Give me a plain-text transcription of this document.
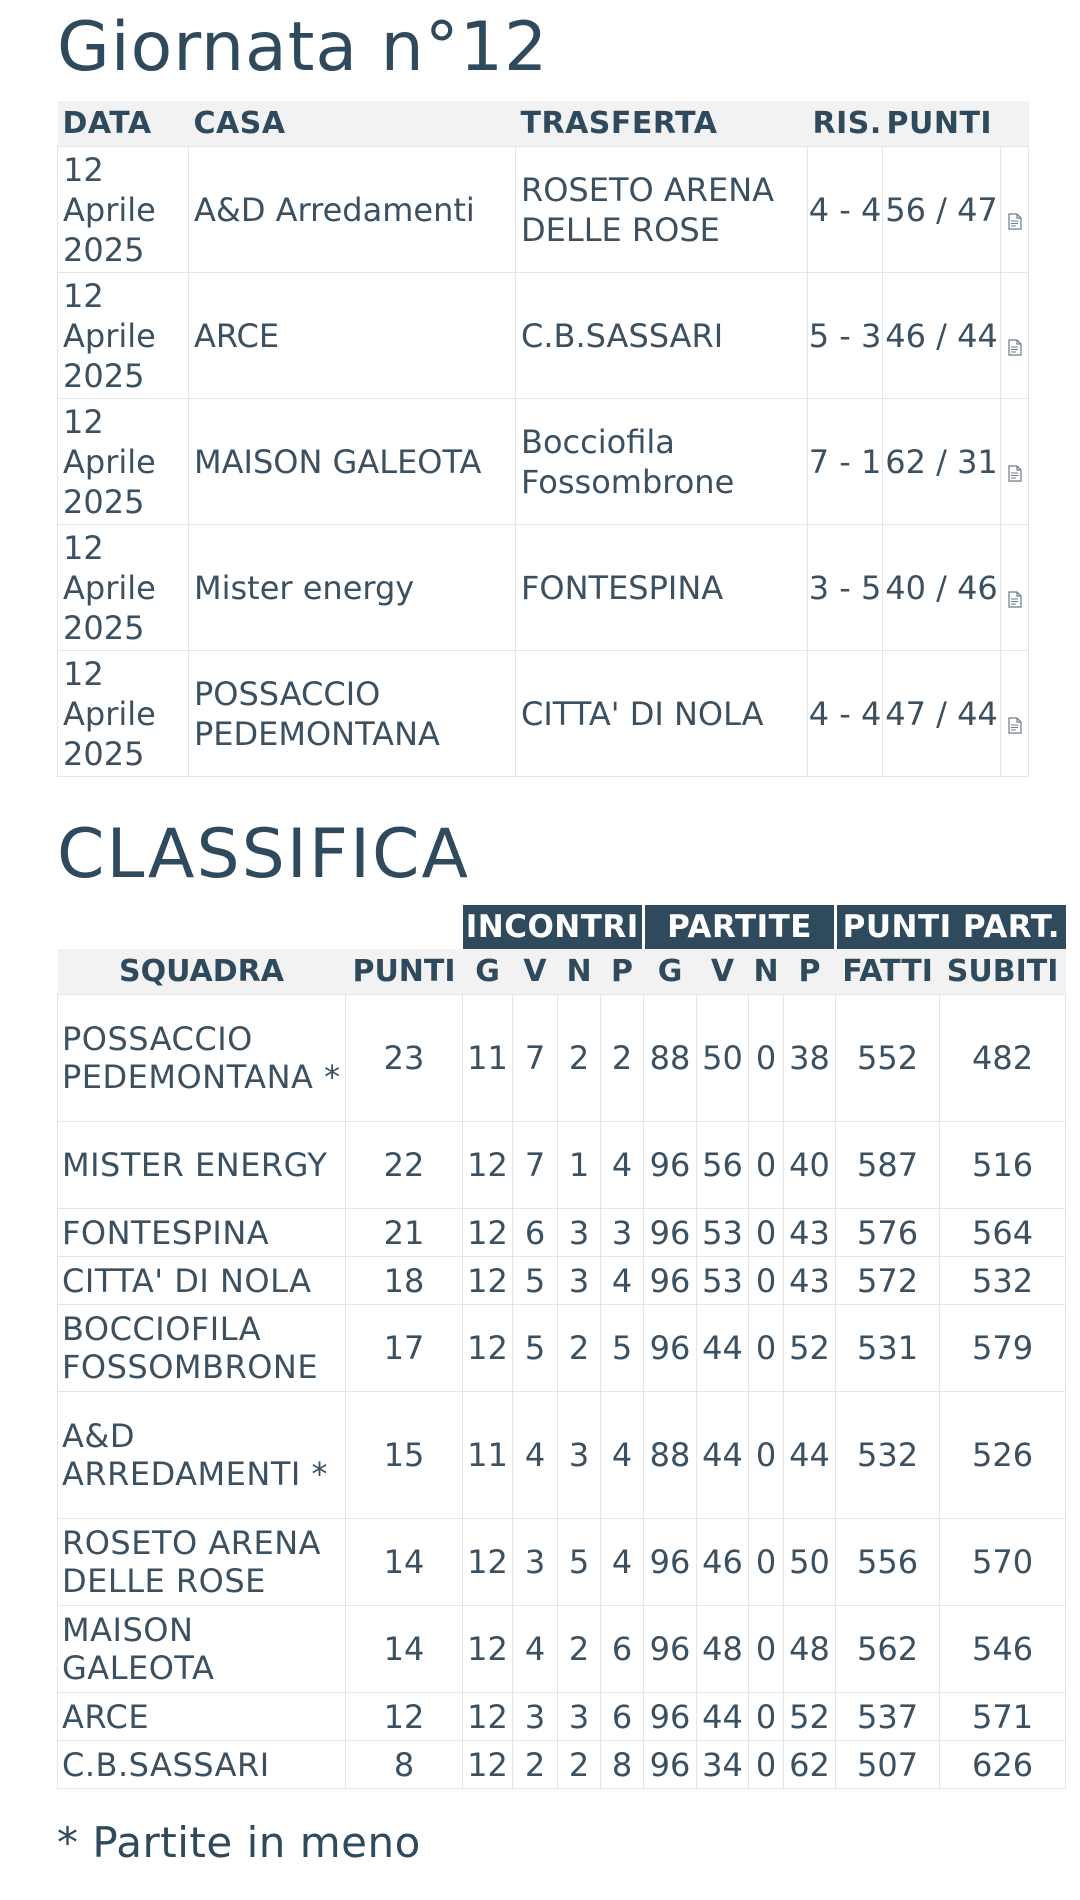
Giornata n°12
DATA	CASA	TRASFERTA	RIS.	PUNTI	
12 Aprile 2025	A&D Arredamenti	ROSETO ARENA DELLE ROSE	4 - 4	56 / 47	
12 Aprile 2025	ARCE	C.B.SASSARI	5 - 3	46 / 44	
12 Aprile 2025	MAISON GALEOTA	Bocciofila Fossombrone	7 - 1	62 / 31	
12 Aprile 2025	Mister energy	FONTESPINA	3 - 5	40 / 46	
12 Aprile 2025	POSSACCIO PEDEMONTANA	CITTA' DI NOLA	4 - 4	47 / 44	
CLASSIFICA
		INCONTRI				PARTITE				PUNTI PART.	
SQUADRA	PUNTI	G	V	N	P	G	V	N	P	FATTI	SUBITI
POSSACCIO PEDEMONTANA *	23	11	7	2	2	88	50	0	38	552	482
MISTER ENERGY	22	12	7	1	4	96	56	0	40	587	516
FONTESPINA	21	12	6	3	3	96	53	0	43	576	564
CITTA' DI NOLA	18	12	5	3	4	96	53	0	43	572	532
BOCCIOFILA FOSSOMBRONE	17	12	5	2	5	96	44	0	52	531	579
A&D ARREDAMENTI *	15	11	4	3	4	88	44	0	44	532	526
ROSETO ARENA DELLE ROSE	14	12	3	5	4	96	46	0	50	556	570
MAISON GALEOTA	14	12	4	2	6	96	48	0	48	562	546
ARCE	12	12	3	3	6	96	44	0	52	537	571
C.B.SASSARI	8	12	2	2	8	96	34	0	62	507	626

* Partite in meno
